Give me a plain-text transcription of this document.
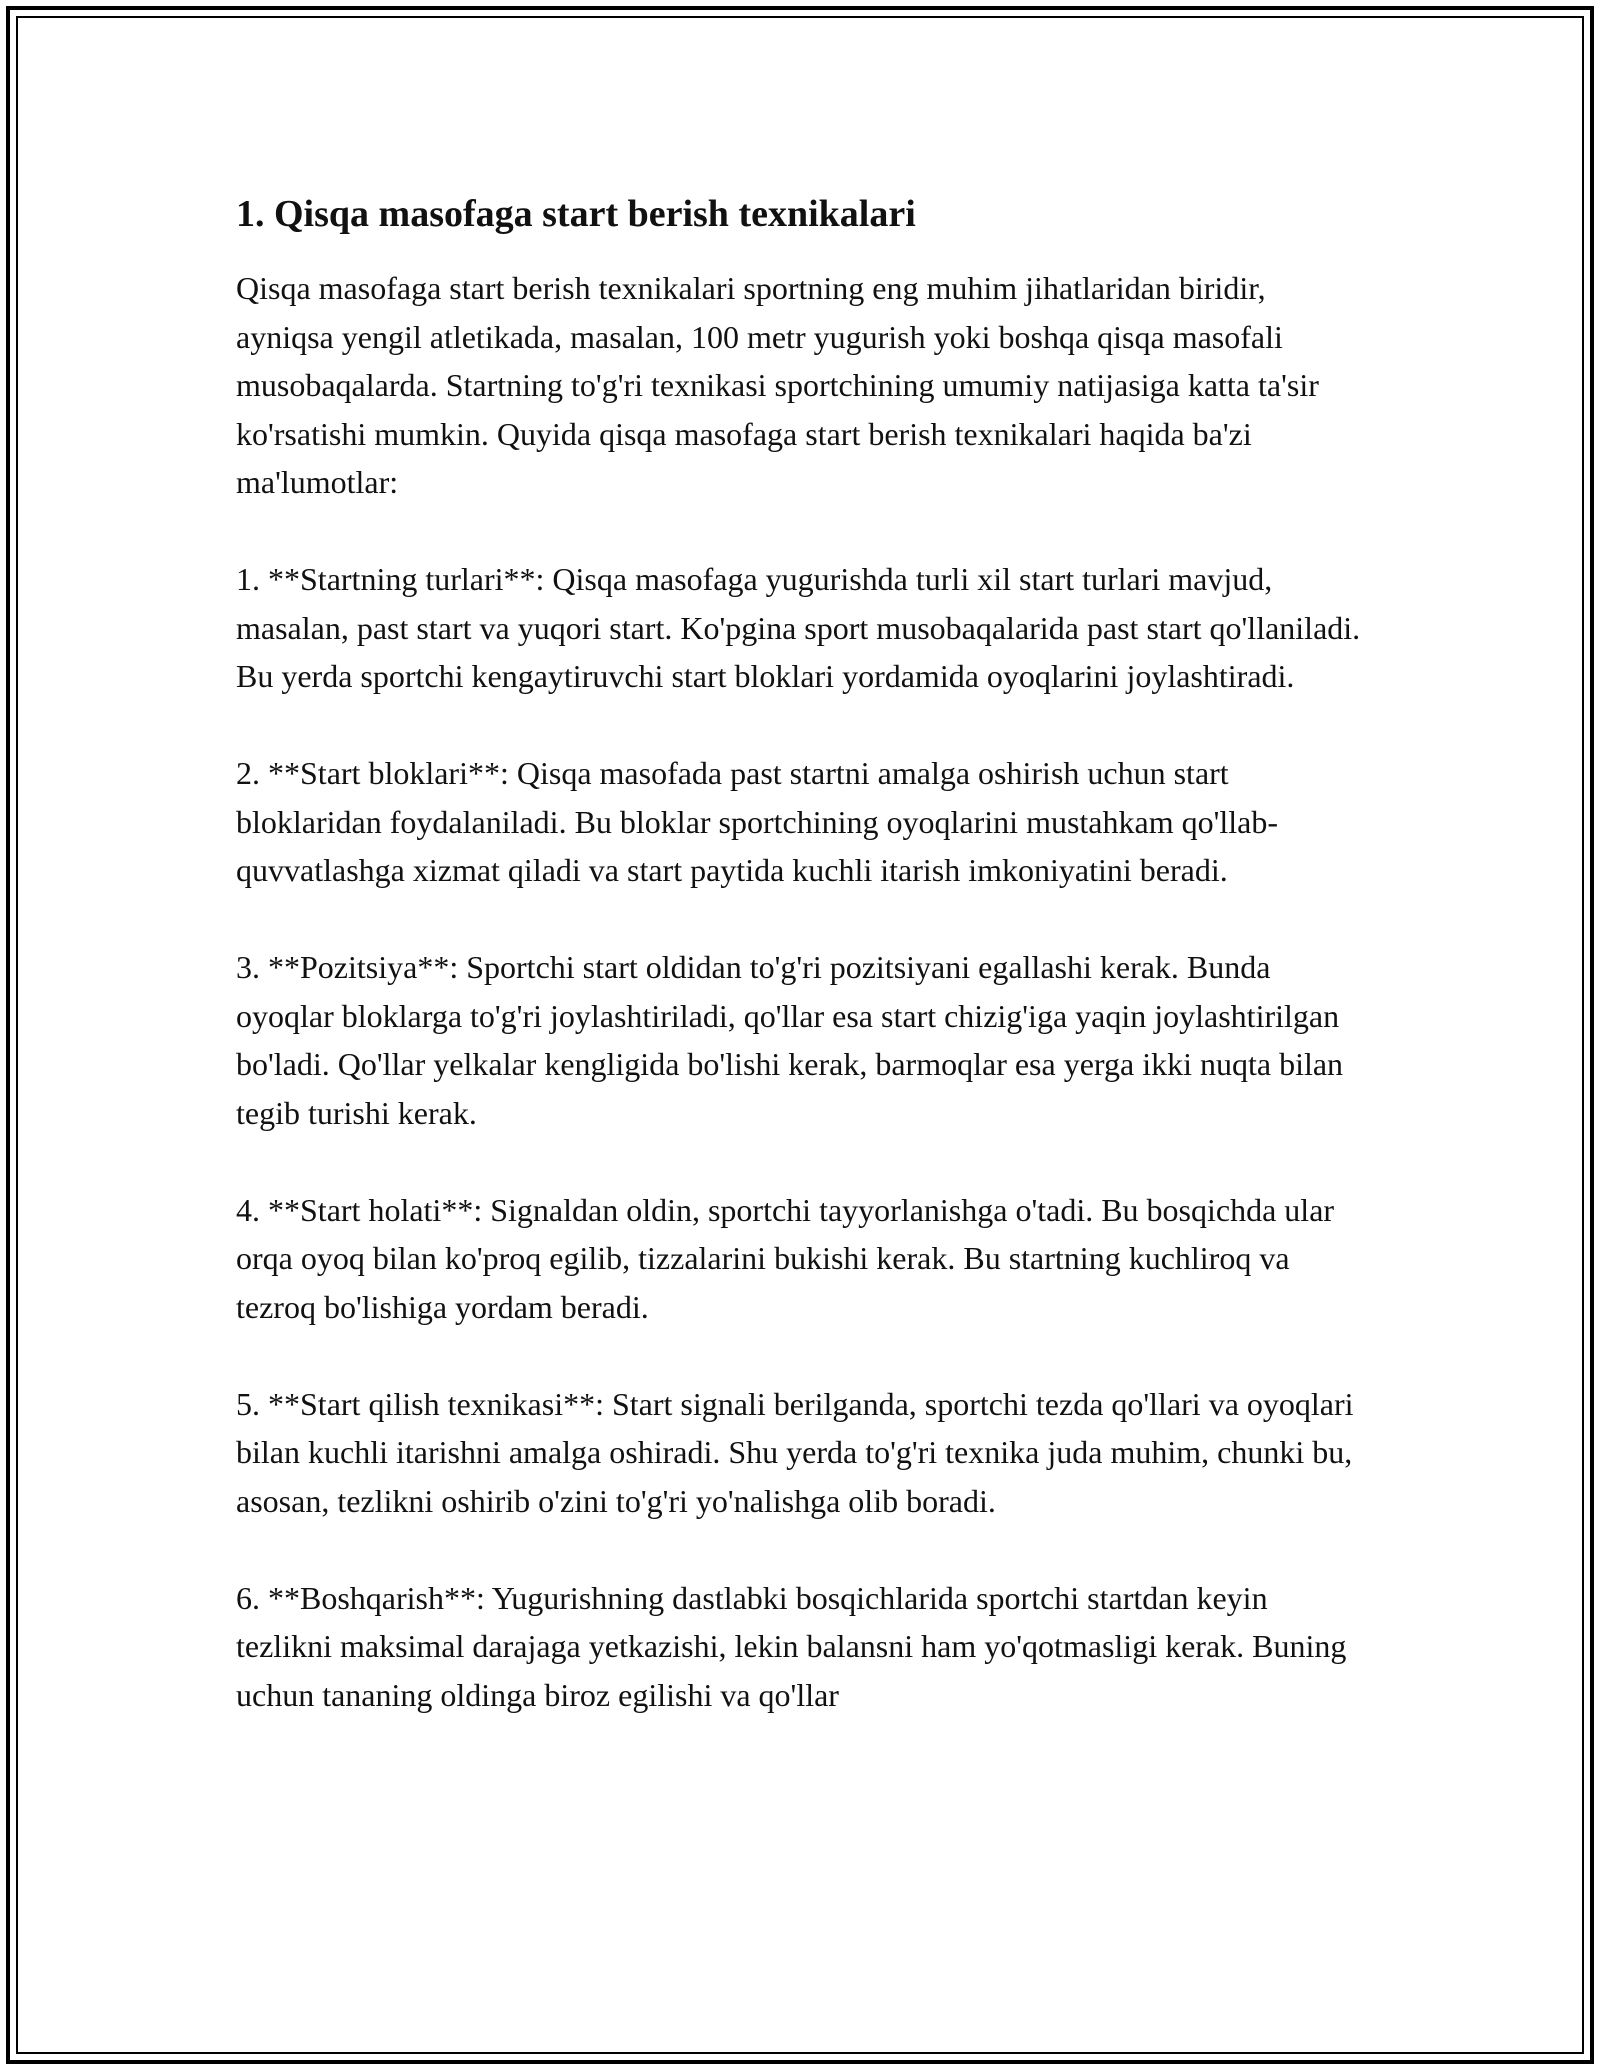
1. Qisqa masofaga start berish texnikalari

Qisqa masofaga start berish texnikalari sportning eng muhim jihatlaridan biridir, ayniqsa yengil atletikada, masalan, 100 metr yugurish yoki boshqa qisqa masofali musobaqalarda. Startning to'g'ri texnikasi sportchining umumiy natijasiga katta ta'sir ko'rsatishi mumkin. Quyida qisqa masofaga start berish texnikalari haqida ba'zi ma'lumotlar:

1. **Startning turlari**: Qisqa masofaga yugurishda turli xil start turlari mavjud, masalan, past start va yuqori start. Ko'pgina sport musobaqalarida past start qo'llaniladi. Bu yerda sportchi kengaytiruvchi start bloklari yordamida oyoqlarini joylashtiradi.

2. **Start bloklari**: Qisqa masofada past startni amalga oshirish uchun start bloklaridan foydalaniladi. Bu bloklar sportchining oyoqlarini mustahkam qo'llab-quvvatlashga xizmat qiladi va start paytida kuchli itarish imkoniyatini beradi.

3. **Pozitsiya**: Sportchi start oldidan to'g'ri pozitsiyani egallashi kerak. Bunda oyoqlar bloklarga to'g'ri joylashtiriladi, qo'llar esa start chizig'iga yaqin joylashtirilgan bo'ladi. Qo'llar yelkalar kengligida bo'lishi kerak, barmoqlar esa yerga ikki nuqta bilan tegib turishi kerak.

4. **Start holati**: Signaldan oldin, sportchi tayyorlanishga o'tadi. Bu bosqichda ular orqa oyoq bilan ko'proq egilib, tizzalarini bukishi kerak. Bu startning kuchliroq va tezroq bo'lishiga yordam beradi.

5. **Start qilish texnikasi**: Start signali berilganda, sportchi tezda qo'llari va oyoqlari bilan kuchli itarishni amalga oshiradi. Shu yerda to'g'ri texnika juda muhim, chunki bu, asosan, tezlikni oshirib o'zini to'g'ri yo'nalishga olib boradi.

6. **Boshqarish**: Yugurishning dastlabki bosqichlarida sportchi startdan keyin tezlikni maksimal darajaga yetkazishi, lekin balansni ham yo'qotmasligi kerak. Buning uchun tananing oldinga biroz egilishi va qo'llar
